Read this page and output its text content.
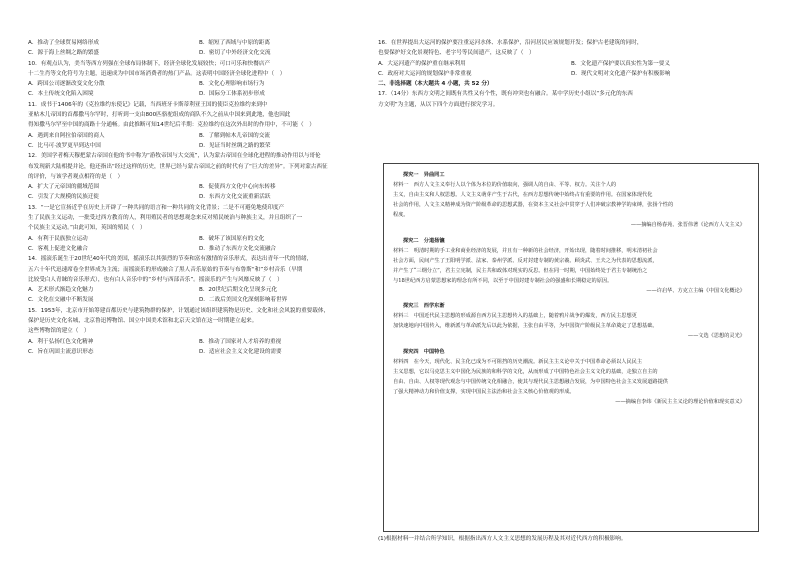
A．推动了全球贸易网络形成	B．缩短了西域与中原的距离
C．源于海上丝绸之路的繁盛	D．密切了中外经济文化交流
10．有观点认为，美当等西方列强在全球布局体制下，经济全球化发展较快；可口可乐和快餐店产
十二生肖等文化符号为主题，迅速成为中国市场消费者的热门产品。这表明中国经济全球化进程中（　）
A．跨国公司逐渐改变文化分散	B．文化心理影响市场行为
C．本土传统文化陷入困境	D．国际分工体系初步形成
11．成书于1406年的《克拉维约东使记》记载，当西班牙卡斯蒂利亚王国的使臣克拉维约来到中
亚帖木儿帝国的首都撒马尔罕时，打听到一支由800匹骆驼组成的商队不久之前从中国来到此地，他也因此
得知撒马尔罕至中国的商路十分通畅。由此推断可知14世纪后半期：克拉维约在这次外出时的作用中，不可能（　）
A．遇到来自阿拉伯帝国的商人	B．了解到帖木儿帝国的交流
C．比马可·波罗更早到达中国	D．见证当时丝绸之路的繁荣
12．美国学者梅天穆把蒙古帝国在他的书中称为“游牧帝国与大交流”，认为蒙古帝国在全球化进程的推动作用以与哥伦
布发现新大陆相提并论，他还指出“经过这样的历史，世界已经与蒙古帝国之前的时代有了“巨大的差异”。下列对蒙古西征
的评价，与该学者观点相符的是（　）
A．扩大了元帝国的疆域范围	B．促使西方文化中心向东转移
C．引发了大规模的民族迁徙	D．东西方文化交流重新活跃
13．“一是它宣扬近乎在历史上开辟了一种共同的语言和一种共同的文化背景；二是不可避免地使印度产
生了民族主义运动，一批受过西方教育的人，利用殖民者的思想观念来反对殖民统治与种族主义，并且组织了一
个民族主义运动。”由此可知，英国的殖民（　）
A．有利于民族独立运动	B．破坏了该国原有的文化
C．客观上促进文化融合	D．推动了东西方文化交流融合
14．摇滚乐诞生于20世纪40年代的美国，摇滚乐以其强烈的节奏和富有激情的音乐形式，表达出青年一代的情绪，
五六十年代迅速席卷全世界成为主流；而摇滚乐的形成融合了黑人音乐原始的节奏与布鲁斯“和”乡村音乐（早期
比较受白人青睐的音乐形式），也有白人音乐中的“乡村与西部音乐”。摇滚乐的产生与风靡反映了（　）
A．艺术形式渐趋文化魅力	B．20世纪后期文化呈现多元化
C．文化在交融中不断发展	D．二战后美国文化深刻影响着世界
15．1953年，北京市开始筹建首都历史与建筑物群的保护，计划通过该组织建筑物是历史、文化和社会风貌的重要载体，
保护是历史文化名城，北京鲁迅博物馆、国立中国美术馆和北京天文馆在这一时期建立起来。
这些博物馆的建立（　）
A．利于弘扬红色文化精神	B．推动了国家对人才培养的重视
C．旨在巩固主流意识形态	D．适应社会主义文化建设的需要
16．在世界提出大运河的保护要注重运河水体、水系保护，沿河居民应该规划开发；保护古老建筑的同时，
也要保护好文化景观特色、老字号等民间遗产，这反映了（　）
A．大运河遗产的保护重在继承利用	B．文化遗产保护要以真实性为第一要义
C．政府对大运河的规划保护非常重视	D．现代文明对文化遗产保护有积极影响
二、非选择题（本大题共 4 小题，共 52 分）
17．（14分）东西方文明之间既有共性又有个性，既有冲突也有融合。某中学历史小组以“多元化的东西
方文明”为主题，从以下四个方面进行探究学习。
探究一　异曲同工
材料一　西方人文主义奉行人以个体为本位的价值取向，强调人的自由、平等、权力。关注个人的
主义，自由主义和人权思想。人文主义萌芽产生于古代，在西方思想传统中始终占有重要的作用。在国家体现代化
社会的作用，人文主义精神成为资产阶级革命的思想武器，在资本主义社会中贯穿于人们冲破宗教神学的束缚，张扬个性的
程度。
——摘编自杨春苑、张晋伟著《论西方人文主义》
探究二　分道扬镳
材料二　明清时期的手工业和商业经济的发展，并且有一种新的社会经济，开始出现，随着时间推移，明末清初社会
社会方面，民间产生了王阳明学派、法家、泰州学派、反对封建专制的黄宗羲、顾炎武、王夫之为代表的思想流派，
并产生了“三纲分立”，君主立宪制，民主共和政体对现实的反思。但在同一时期，中国始终处于君主专制统治之
与18世纪西方启蒙思想家的理念有所不同，以至于中国封建专制社会的强盛和长期稳定的原因。
——许启华、方克立主编《中国文化概论》
探究三　西学东渐
材料三　中国近代民主思想的形成源自西方民主思想传入的基础上，随着鸦片战争的爆发，西方民主思想更
加快速地向中国传入，维新派与革命派先后以此为依据，主张自由平等，为中国资产阶级民主革命奠定了思想基础。
——文选《思想的灵光》
探究四　中国特色
材料四　在今天，现代化、民主化已成为不可阻挡的历史潮流。新民主主义论中关于中国革命必须以人民民主
主义思想，它以马克思主义中国化为民族的和科学的文化，从而形成了中国特色社会主义文化的基础，走独立自主的
自由、自由、人权等现代观念与中国传统文化相融合，使其与现代民主思想融合发展，为中国特色社会主义发展道路提供
了强大精神动力和价值支撑，实现中国民主法治和社会主义核心价值观的形成。
——摘编自李纬《新民主主义论的理论价值和现实意义》
(1)根据材料一并结合所学知识，根据指出西方人文主义思想的发展历程及其对近代西方的积极影响。
